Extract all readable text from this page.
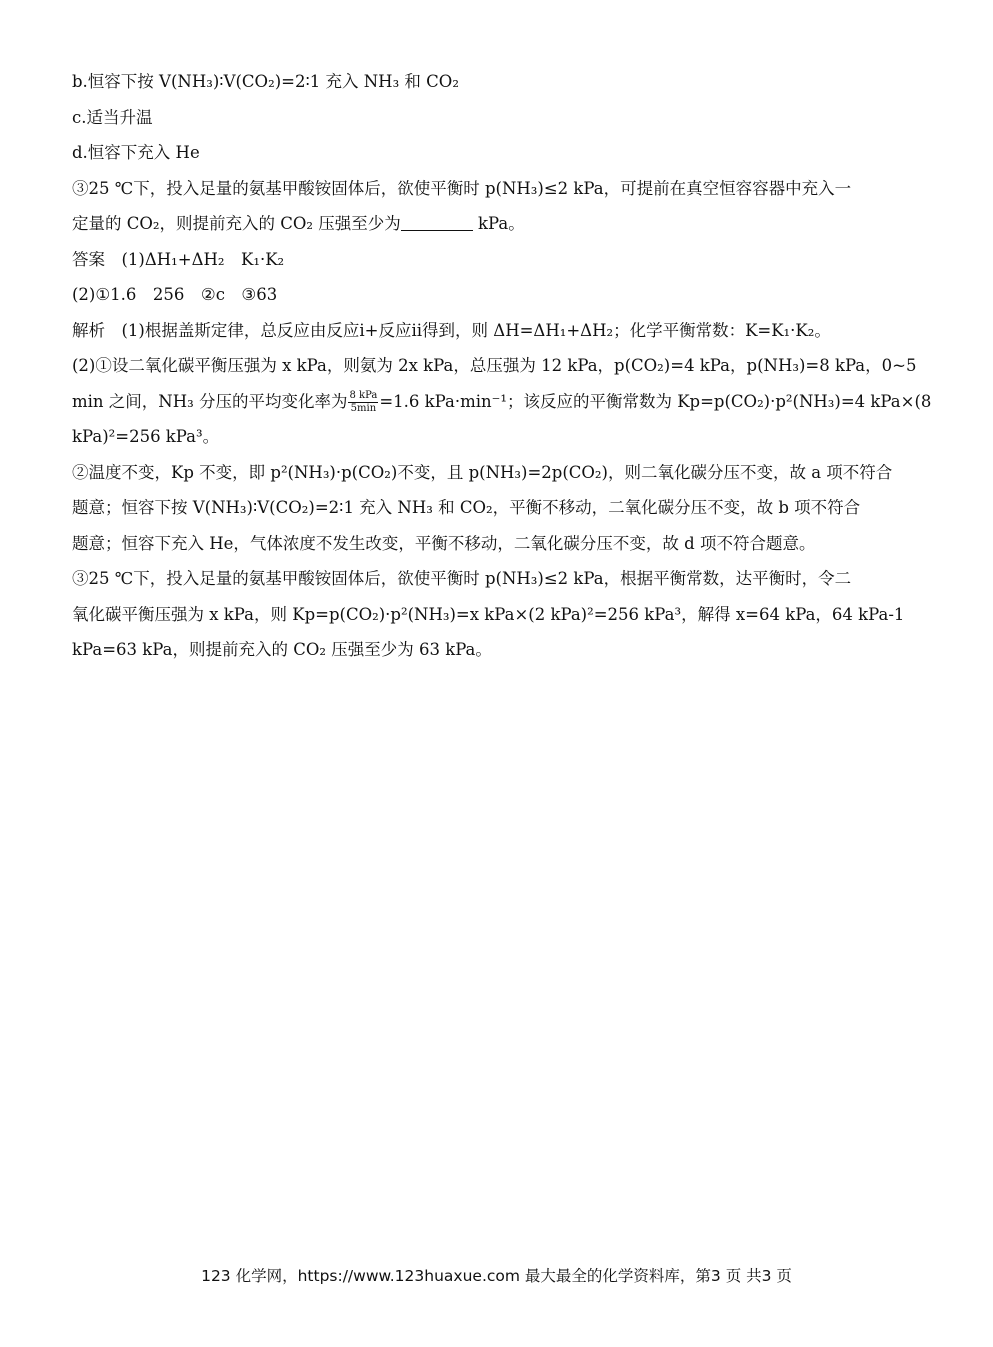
b.恒容下按 V(NH₃)∶V(CO₂)=2∶1 充入 NH₃ 和 CO₂
c.适当升温
d.恒容下充入 He
③25 ℃下，投入足量的氨基甲酸铵固体后，欲使平衡时 p(NH₃)≤2 kPa，可提前在真空恒容容器中充入一
定量的 CO₂，则提前充入的 CO₂ 压强至少为	kPa。
答案　(1)ΔH₁+ΔH₂　K₁·K₂
(2)①1.6　256　②c　③63
解析　(1)根据盖斯定律，总反应由反应ⅰ+反应ⅱ得到，则 ΔH=ΔH₁+ΔH₂；化学平衡常数：K=K₁·K₂。
(2)①设二氧化碳平衡压强为 x kPa，则氨为 2x kPa，总压强为 12 kPa，p(CO₂)=4 kPa，p(NH₃)=8 kPa，0~5
min 之间，NH₃ 分压的平均变化率为 $\frac{\text{8 kPa}}{5\min} =1.6$ kPa·min⁻¹；该反应的平衡常数为 Kp=p(CO₂)·p²(NH₃)=4 kPa×(8
kPa)²=256 kPa³。
②温度不变，Kp 不变，即 p²(NH₃)·p(CO₂)不变，且 p(NH₃)=2p(CO₂)，则二氧化碳分压不变，故 a 项不符合
题意；恒容下按 V(NH₃)∶V(CO₂)=2∶1 充入 NH₃ 和 CO₂，平衡不移动，二氧化碳分压不变，故 b 项不符合
题意；恒容下充入 He，气体浓度不发生改变，平衡不移动，二氧化碳分压不变，故 d 项不符合题意。
③25 ℃下，投入足量的氨基甲酸铵固体后，欲使平衡时 p(NH₃)≤2 kPa，根据平衡常数，达平衡时，令二
氧化碳平衡压强为 x kPa，则 Kp=p(CO₂)·p²(NH₃)=x kPa×(2 kPa)²=256 kPa³，解得 x=64 kPa，64 kPa-1
kPa=63 kPa，则提前充入的 CO₂ 压强至少为 63 kPa。
123 化学网，https://www.123huaxue.com 最大最全的化学资料库，第3 页 共3 页
